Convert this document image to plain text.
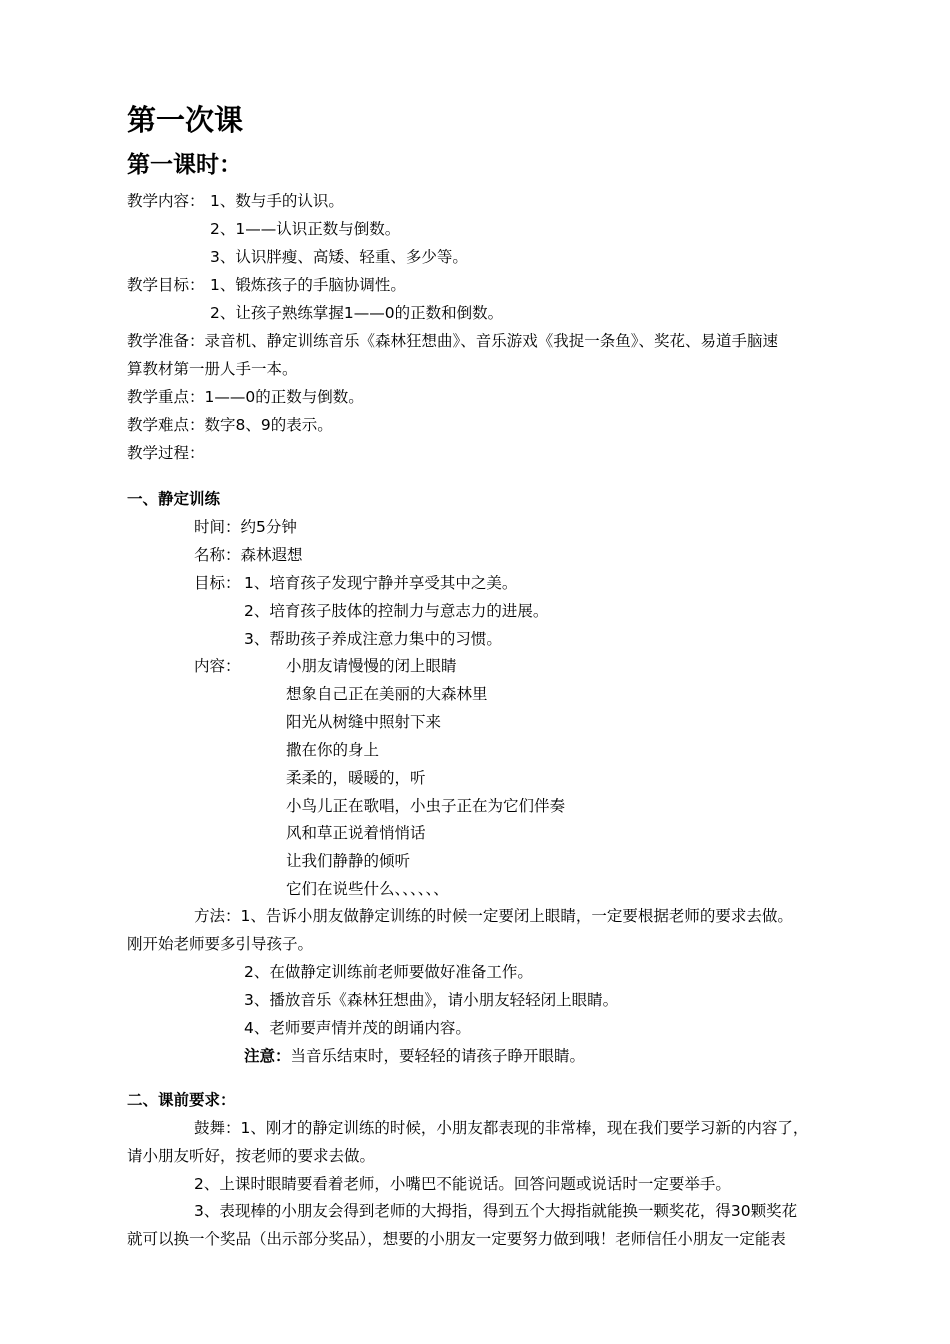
第一次课
第一课时：
教学内容： 1、数与手的认识。
2、1——认识正数与倒数。
3、认识胖瘦、高矮、轻重、多少等。
教学目标： 1、锻炼孩子的手脑协调性。
2、让孩子熟练掌握1——0的正数和倒数。
教学准备：录音机、静定训练音乐《森林狂想曲》、音乐游戏《我捉一条鱼》、奖花、易道手脑速
算教材第一册人手一本。
教学重点：1——0的正数与倒数。
教学难点：数字8、9的表示。
教学过程：
一、静定训练
时间：约5分钟
名称：森林遐想
目标： 1、培育孩子发现宁静并享受其中之美。
2、培育孩子肢体的控制力与意志力的进展。
3、帮助孩子养成注意力集中的习惯。
内容：	小朋友请慢慢的闭上眼睛
想象自己正在美丽的大森林里
阳光从树缝中照射下来
撒在你的身上
柔柔的，暖暖的，听
小鸟儿正在歌唱，小虫子正在为它们伴奏
风和草正说着悄悄话
让我们静静的倾听
它们在说些什么、、、、、、
方法：1、告诉小朋友做静定训练的时候一定要闭上眼睛，一定要根据老师的要求去做。
刚开始老师要多引导孩子。
2、在做静定训练前老师要做好准备工作。
3、播放音乐《森林狂想曲》，请小朋友轻轻闭上眼睛。
4、老师要声情并茂的朗诵内容。
注意：当音乐结束时，要轻轻的请孩子睁开眼睛。
二、课前要求：
鼓舞：1、刚才的静定训练的时候，小朋友都表现的非常棒，现在我们要学习新的内容了，
请小朋友听好，按老师的要求去做。
2、上课时眼睛要看着老师，小嘴巴不能说话。回答问题或说话时一定要举手。
3、表现棒的小朋友会得到老师的大拇指，得到五个大拇指就能换一颗奖花，得30颗奖花
就可以换一个奖品（出示部分奖品），想要的小朋友一定要努力做到哦！老师信任小朋友一定能表
